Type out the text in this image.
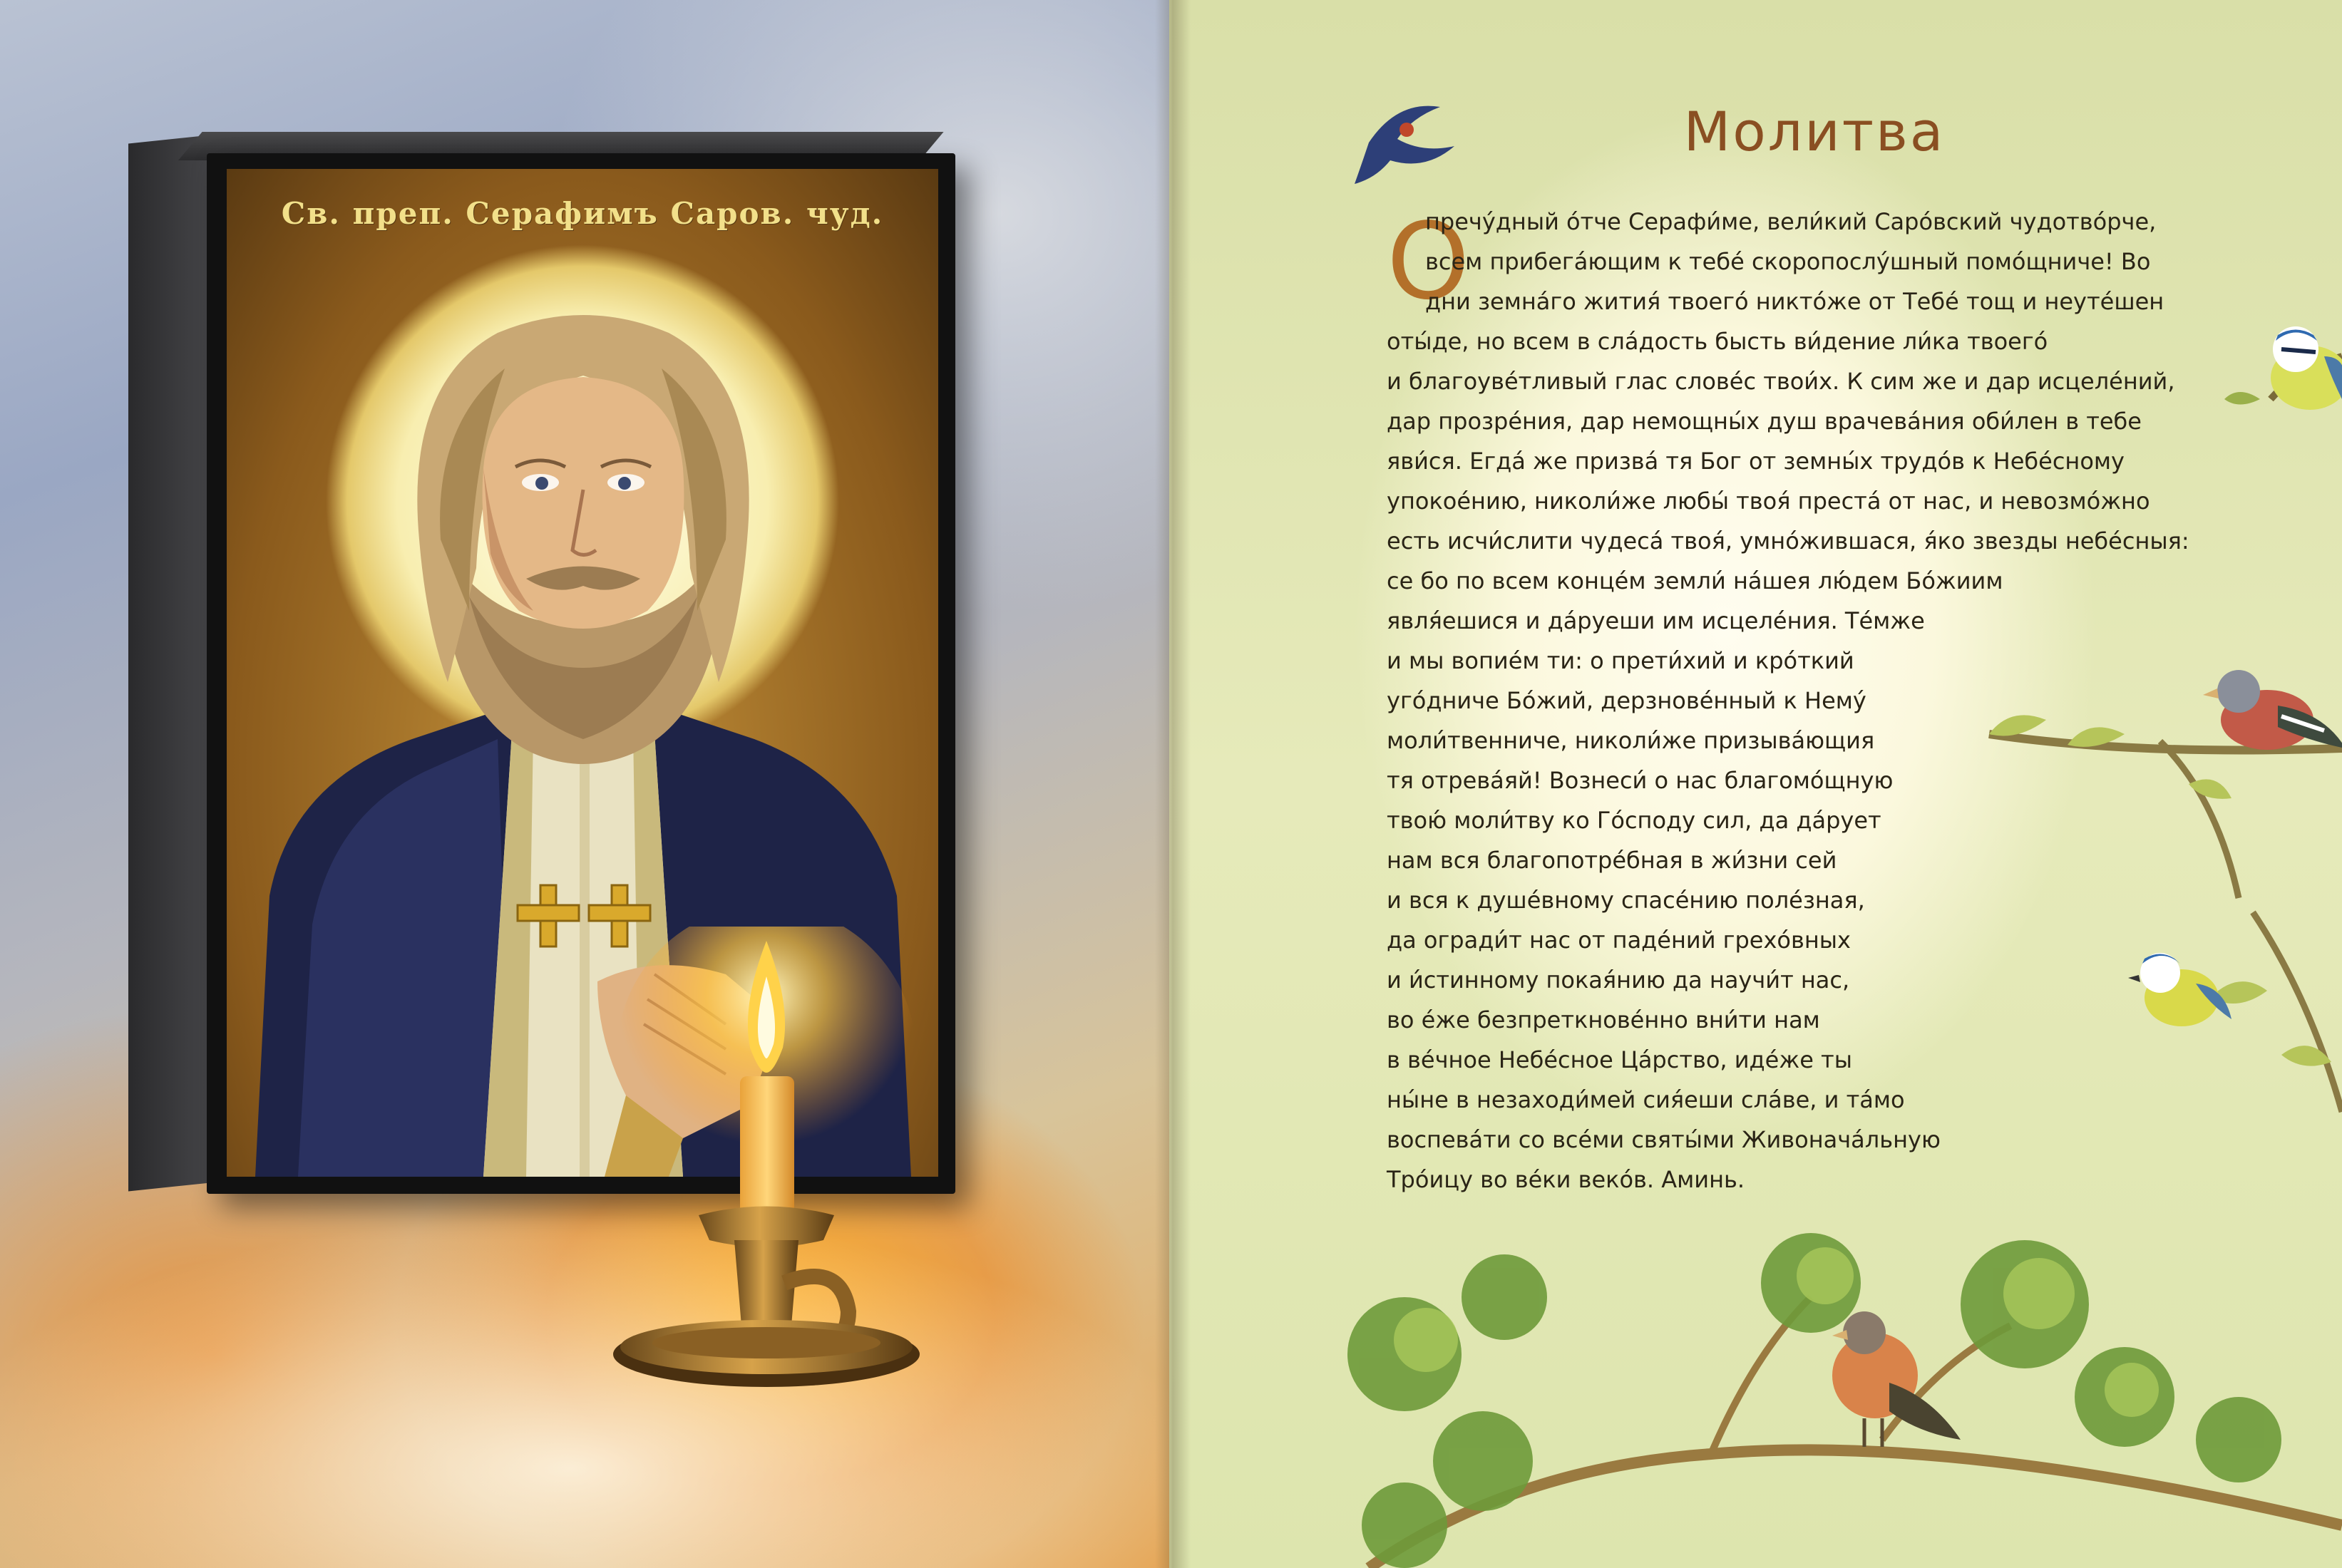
Св. преп. Серафимъ Саров. чуд.
Молитва
О
пречу́дный о́тче Серафи́ме, вели́кий Саро́вский чудотво́рче,
всем прибега́ющим к тебе́ скоропослу́шный помо́щниче! Во
дни земна́го жития́ твоего́ никто́же от Тебе́ тощ и неуте́шен
оты́де, но всем в сла́дость бысть ви́дение ли́ка твоего́
и благоуве́тливый глас слове́с твои́х. К сим же и дар исцеле́ний,
дар прозре́ния, дар немощны́х душ врачева́ния оби́лен в тебе
яви́ся. Егда́ же призва́ тя Бог от земны́х трудо́в к Небе́сному
упокое́нию, николи́же любы́ твоя́ преста́ от нас, и невозмо́жно
есть исчи́слити чудеса́ твоя́, умно́жившася, я́ко звезды небе́сныя:
се бо по всем конце́м земли́ на́шея лю́дем Бо́жиим
явля́ешися и да́руеши им исцеле́ния. Те́мже
и мы вопие́м ти: о прети́хий и кро́ткий
уго́дниче Бо́жий, дерзнове́нный к Нему́
моли́твенниче, николи́же призыва́ющия
тя отрева́яй! Вознеси́ о нас благомо́щную
твою́ моли́тву ко Го́споду сил, да да́рует
нам вся благопотре́бная в жи́зни сей
и вся к душе́вному спасе́нию поле́зная,
да огради́т нас от паде́ний грехо́вных
и и́стинному покая́нию да научи́т нас,
во е́же безпреткнове́нно вни́ти нам
в ве́чное Небе́сное Ца́рство, иде́же ты
ны́не в незаходи́мей сия́еши сла́ве, и та́мо
воспева́ти со все́ми святы́ми Живонача́льную
Тро́ицу во ве́ки веко́в. Аминь.
